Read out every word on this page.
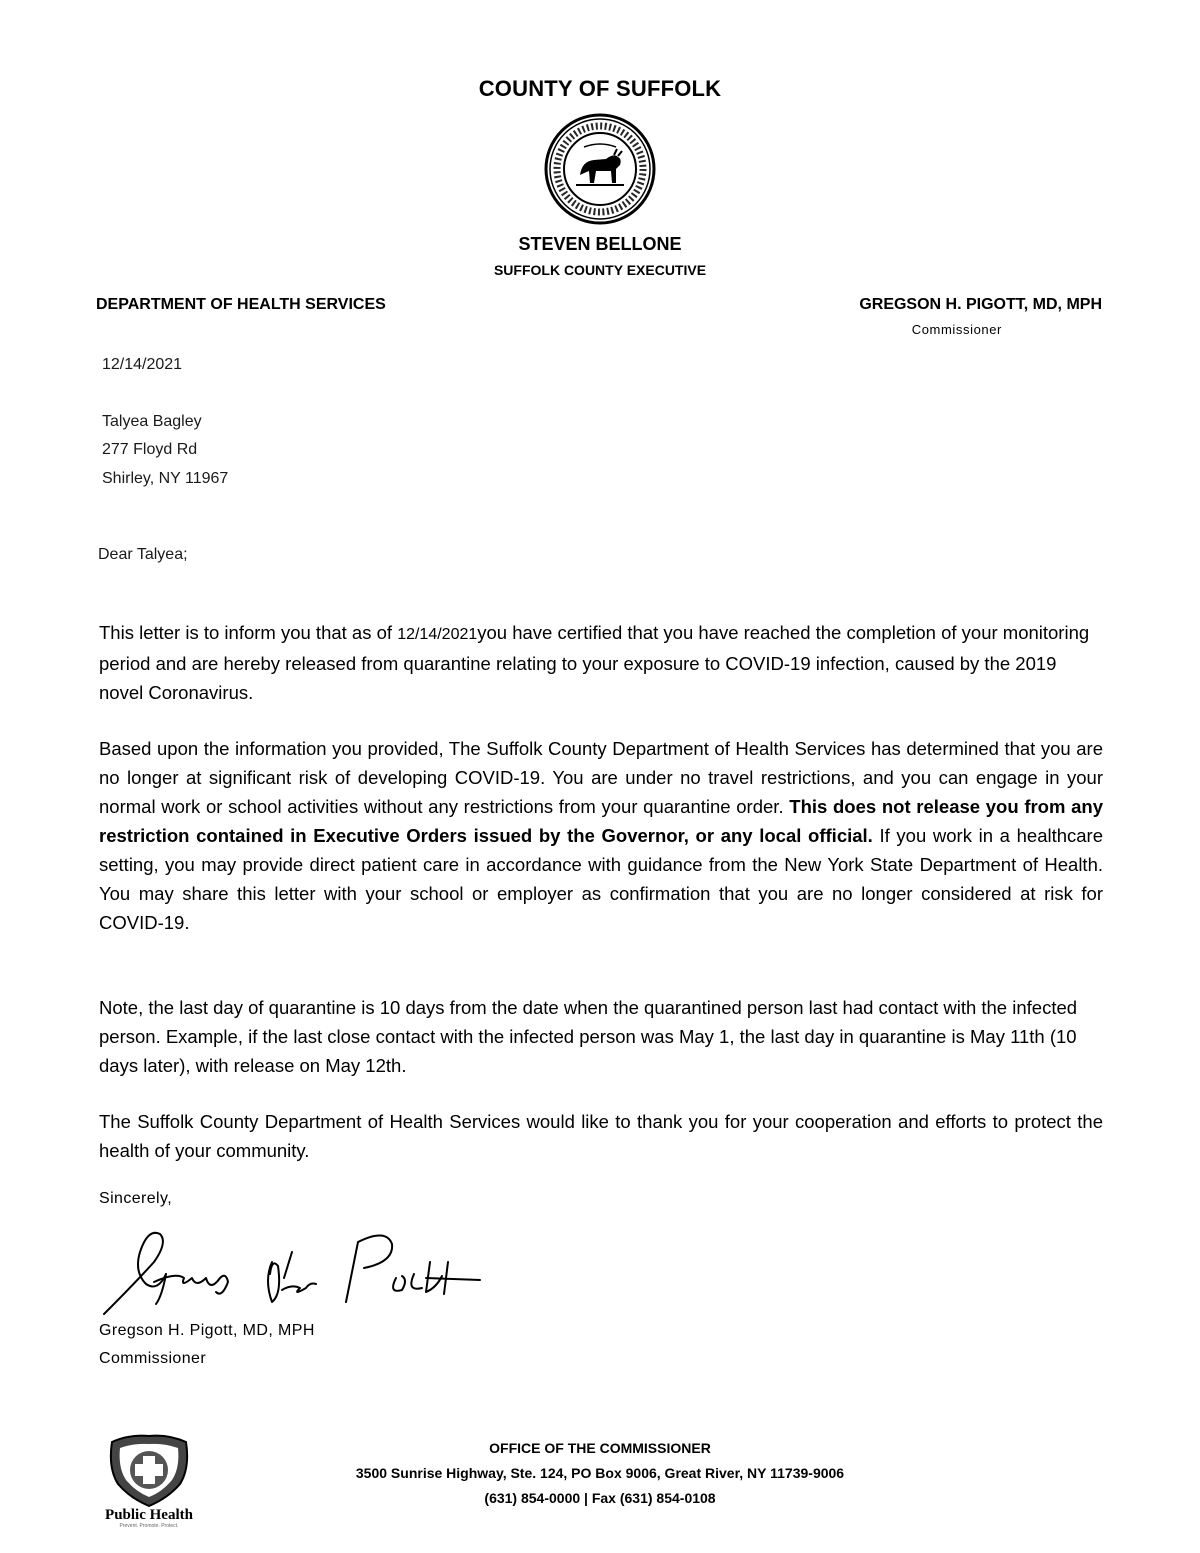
COUNTY OF SUFFOLK
STEVEN BELLONE
SUFFOLK COUNTY EXECUTIVE
DEPARTMENT OF HEALTH SERVICES	GREGSON H. PIGOTT, MD, MPH
Commissioner
12/14/2021
Talyea Bagley
277 Floyd Rd
Shirley, NY 11967
Dear Talyea;
This letter is to inform you that as of 12/14/2021you have certified that you have reached the completion of your monitoring period and are hereby released from quarantine relating to your exposure to COVID-19 infection, caused by the 2019 novel Coronavirus.
Based upon the information you provided, The Suffolk County Department of Health Services has determined that you are no longer at significant risk of developing COVID-19. You are under no travel restrictions, and you can engage in your normal work or school activities without any restrictions from your quarantine order. This does not release you from any restriction contained in Executive Orders issued by the Governor, or any local official. If you work in a healthcare setting, you may provide direct patient care in accordance with guidance from the New York State Department of Health. You may share this letter with your school or employer as confirmation that you are no longer considered at risk for COVID-19.
Note, the last day of quarantine is 10 days from the date when the quarantined person last had contact with the infected person. Example, if the last close contact with the infected person was May 1, the last day in quarantine is May 11th (10 days later), with release on May 12th.
The Suffolk County Department of Health Services would like to thank you for your cooperation and efforts to protect the health of your community.
Sincerely,
Gregson H. Pigott, MD, MPH
Commissioner
Public Health
Prevent. Promote. Protect.
OFFICE OF THE COMMISSIONER
3500 Sunrise Highway, Ste. 124, PO Box 9006, Great River, NY 11739-9006
(631) 854-0000 | Fax (631) 854-0108
